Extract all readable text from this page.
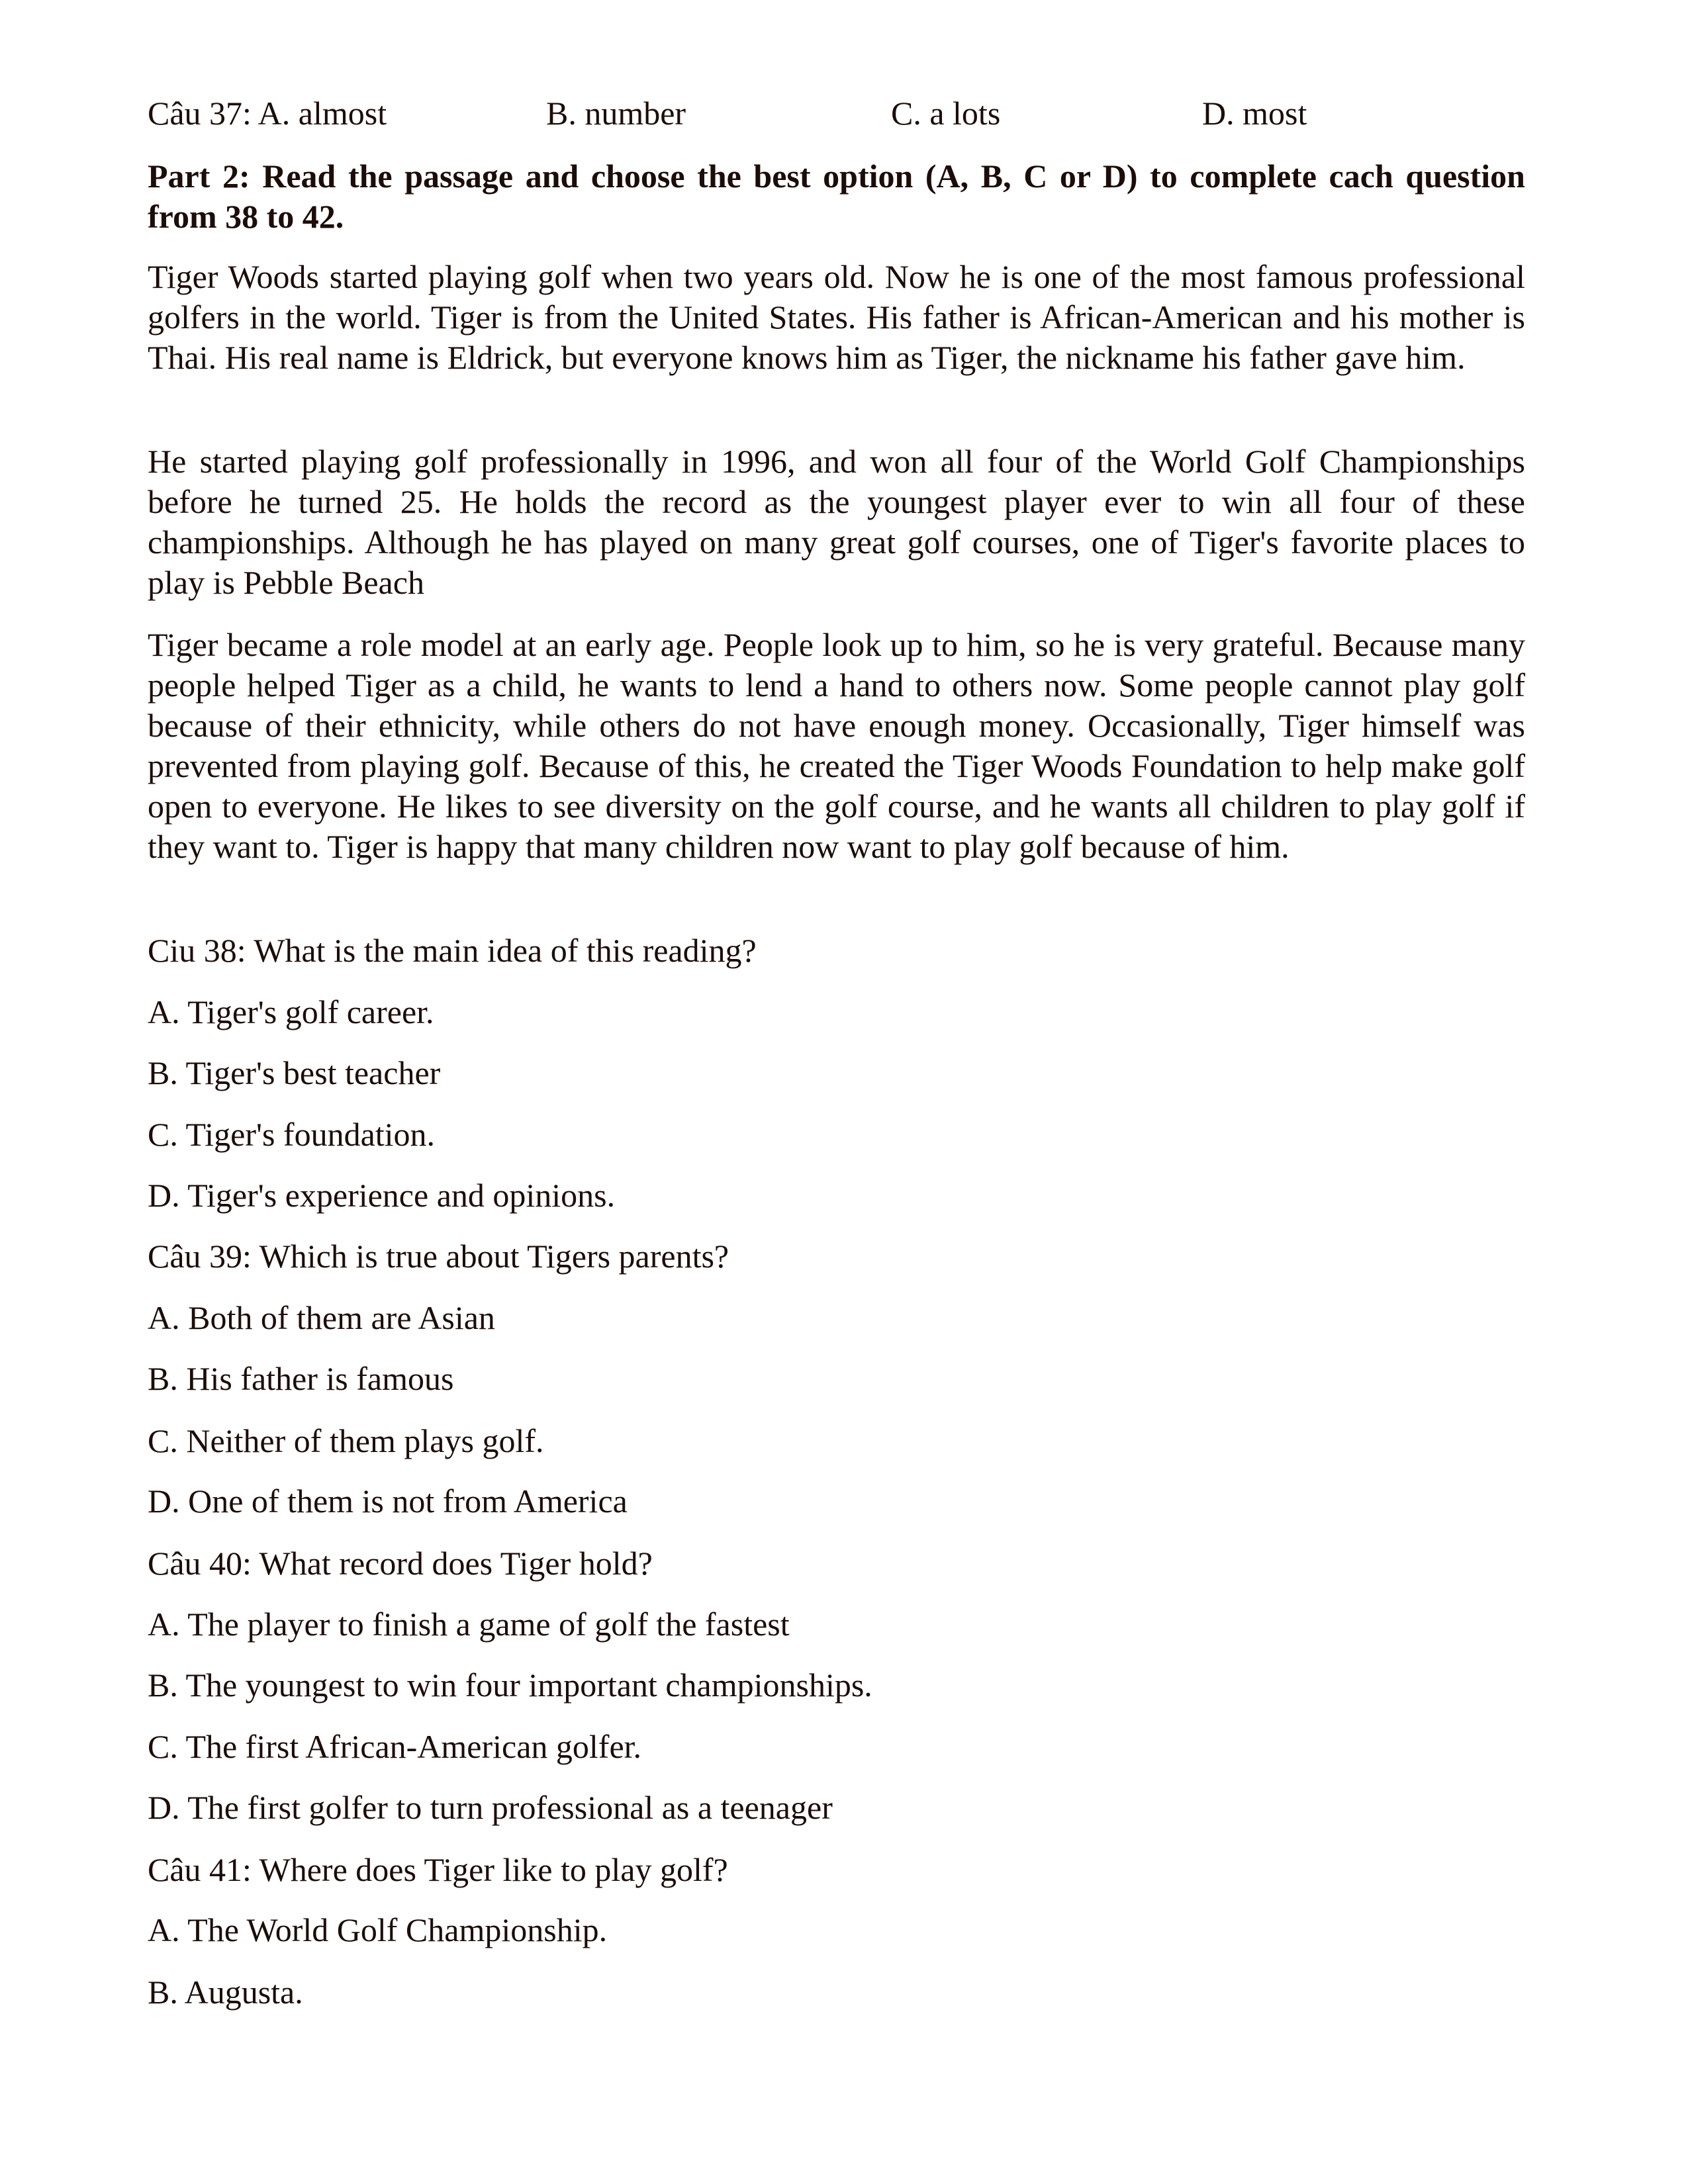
Câu 37: A. almost	B. number	C. a lots	D. most

Part 2: Read the passage and choose the best option (A, B, C or D) to complete cach question from 38 to 42.

Tiger Woods started playing golf when two years old. Now he is one of the most famous professional golfers in the world. Tiger is from the United States. His father is African-American and his mother is Thai. His real name is Eldrick, but everyone knows him as Tiger, the nickname his father gave him.

He started playing golf professionally in 1996, and won all four of the World Golf Championships before he turned 25. He holds the record as the youngest player ever to win all four of these championships. Although he has played on many great golf courses, one of Tiger's favorite places to play is Pebble Beach

Tiger became a role model at an early age. People look up to him, so he is very grateful. Because many people helped Tiger as a child, he wants to lend a hand to others now. Some people cannot play golf because of their ethnicity, while others do not have enough money. Occasionally, Tiger himself was prevented from playing golf. Because of this, he created the Tiger Woods Foundation to help make golf open to everyone. He likes to see diversity on the golf course, and he wants all children to play golf if they want to. Tiger is happy that many children now want to play golf because of him.

Ciu 38: What is the main idea of this reading?

A. Tiger's golf career.

B. Tiger's best teacher

C. Tiger's foundation.

D. Tiger's experience and opinions.

Câu 39: Which is true about Tigers parents?

A. Both of them are Asian

B. His father is famous

C. Neither of them plays golf.

D. One of them is not from America

Câu 40: What record does Tiger hold?

A. The player to finish a game of golf the fastest

B. The youngest to win four important championships.

C. The first African-American golfer.

D. The first golfer to turn professional as a teenager

Câu 41: Where does Tiger like to play golf?

A. The World Golf Championship.

B. Augusta.
